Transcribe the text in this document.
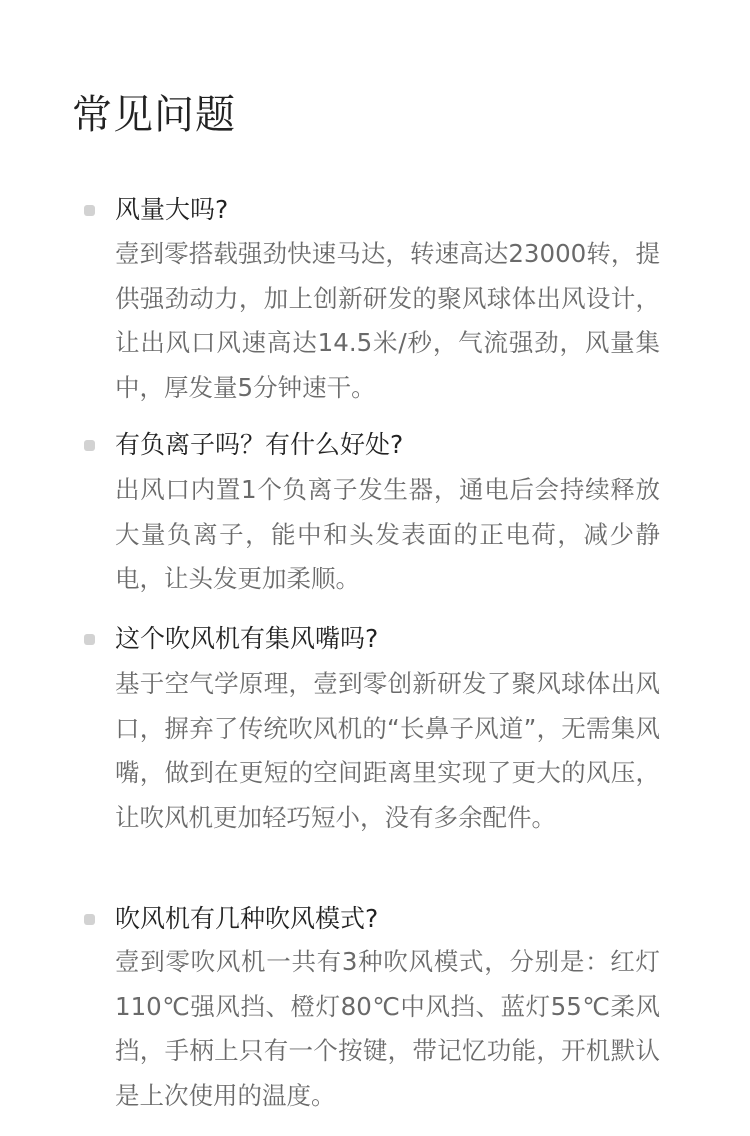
常见问题
风量大吗?
壹到零搭载强劲快速马达，转速高达23000转，提供强劲动力，加上创新研发的聚风球体出风设计，让出风口风速高达14.5米/秒，气流强劲，风量集中，厚发量5分钟速干。
有负离子吗？有什么好处?
出风口内置1个负离子发生器，通电后会持续释放大量负离子，能中和头发表面的正电荷，减少静电，让头发更加柔顺。
这个吹风机有集风嘴吗?
基于空气学原理，壹到零创新研发了聚风球体出风口，摒弃了传统吹风机的“长鼻子风道”，无需集风嘴，做到在更短的空间距离里实现了更大的风压，让吹风机更加轻巧短小，没有多余配件。
吹风机有几种吹风模式?
壹到零吹风机一共有3种吹风模式，分别是：红灯110℃强风挡、橙灯80℃中风挡、蓝灯55℃柔风挡，手柄上只有一个按键，带记忆功能，开机默认是上次使用的温度。
